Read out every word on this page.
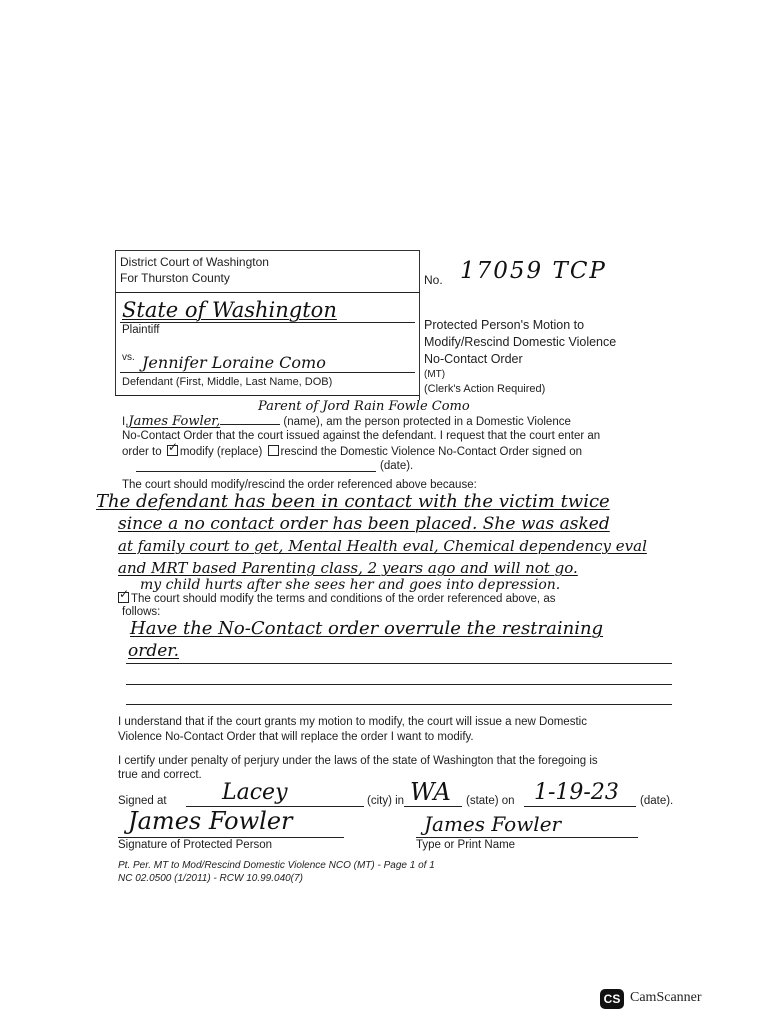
District Court of Washington
For Thurston County	No. 17059 TCP
State of Washington
Plaintiff
vs. Jennifer Loraine Como
Defendant (First, Middle, Last Name, DOB)
Protected Person's Motion to
Modify/Rescind Domestic Violence
No-Contact Order
(MT)
(Clerk's Action Required)
Parent of Jord Rain Fowle Como
I,James Fowler,	(name), am the person protected in a Domestic Violence
No-Contact Order that the court issued against the defendant. I request that the court enter an
order to ✓ modify (replace) rescind the Domestic Violence No-Contact Order signed on
(date).
The court should modify/rescind the order referenced above because:
The defendant has been in contact with the victim twice
since a no contact order has been placed. She was asked
at family court to get, Mental Health eval, Chemical dependency eval
and MRT based Parenting class, 2 years ago and will not go.
my child hurts after she sees her and goes into depression.
✓The court should modify the terms and conditions of the order referenced above, as
follows:
Have the No-Contact order overrule the restraining
order.
I understand that if the court grants my motion to modify, the court will issue a new Domestic
Violence No-Contact Order that will replace the order I want to modify.
I certify under penalty of perjury under the laws of the state of Washington that the foregoing is
true and correct.
Signed at	Lacey	(city) in WA (state) on 1-19-23 (date).
James Fowler
Signature of Protected Person
James Fowler
Type or Print Name
Pt. Per. MT to Mod/Rescind Domestic Violence NCO (MT) - Page 1 of 1
NC 02.0500 (1/2011) - RCW 10.99.040(7)
CS CamScanner
